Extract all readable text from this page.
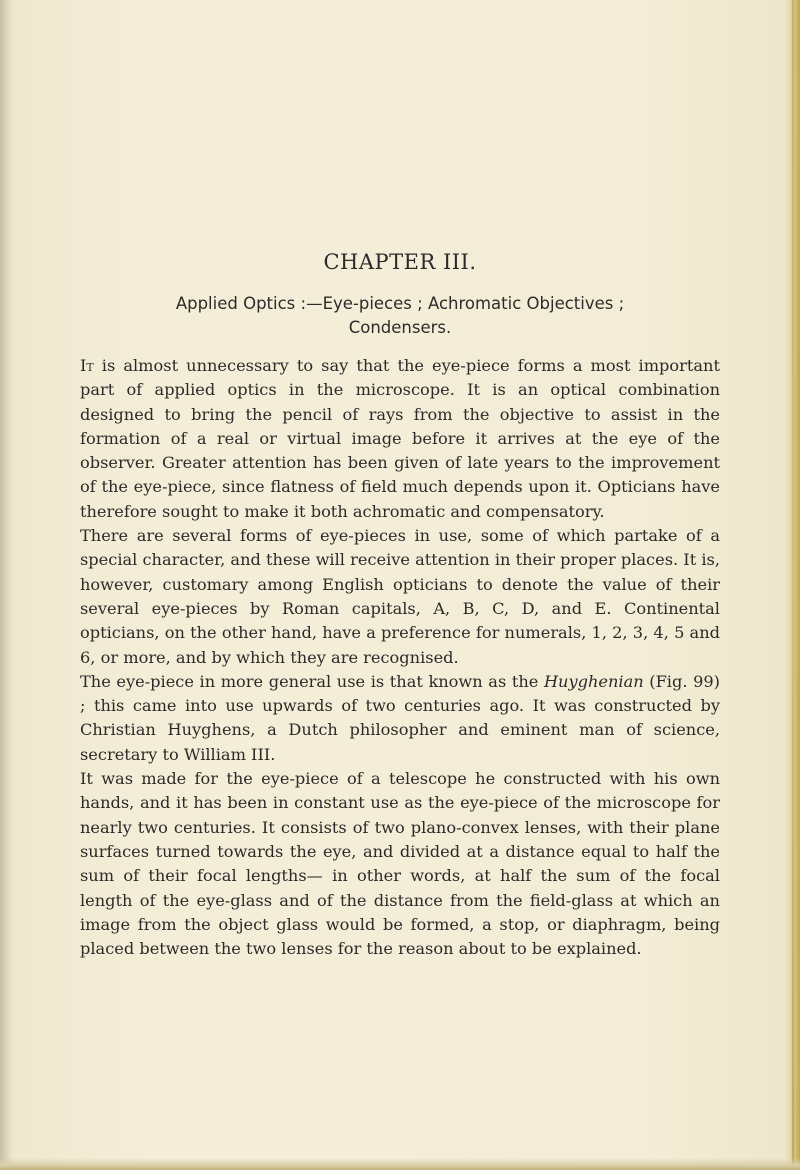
CHAPTER III.
Applied Optics :—Eye-pieces ; Achromatic Objectives ;
Condensers.

It is almost unnecessary to say that the eye-piece forms a most important part of applied optics in the microscope. It is an optical combination designed to bring the pencil of rays from the objective to assist in the formation of a real or virtual image before it arrives at the eye of the observer. Greater attention has been given of late years to the improvement of the eye-piece, since flatness of field much depends upon it. Opticians have therefore sought to make it both achromatic and compensatory.

There are several forms of eye-pieces in use, some of which partake of a special character, and these will receive attention in their proper places. It is, however, customary among English opticians to denote the value of their several eye-pieces by Roman capitals, A, B, C, D, and E. Continental opticians, on the other hand, have a preference for numerals, 1, 2, 3, 4, 5 and 6, or more, and by which they are recognised.

The eye-piece in more general use is that known as the Huyghenian (Fig. 99) ; this came into use upwards of two centuries ago. It was constructed by Christian Huyghens, a Dutch philosopher and eminent man of science, secretary to William III.

It was made for the eye-piece of a telescope he constructed with his own hands, and it has been in constant use as the eye-piece of the microscope for nearly two centuries. It consists of two plano-convex lenses, with their plane surfaces turned towards the eye, and divided at a distance equal to half the sum of their focal lengths— in other words, at half the sum of the focal length of the eye-glass and of the distance from the field-glass at which an image from the object glass would be formed, a stop, or diaphragm, being placed between the two lenses for the reason about to be explained.
